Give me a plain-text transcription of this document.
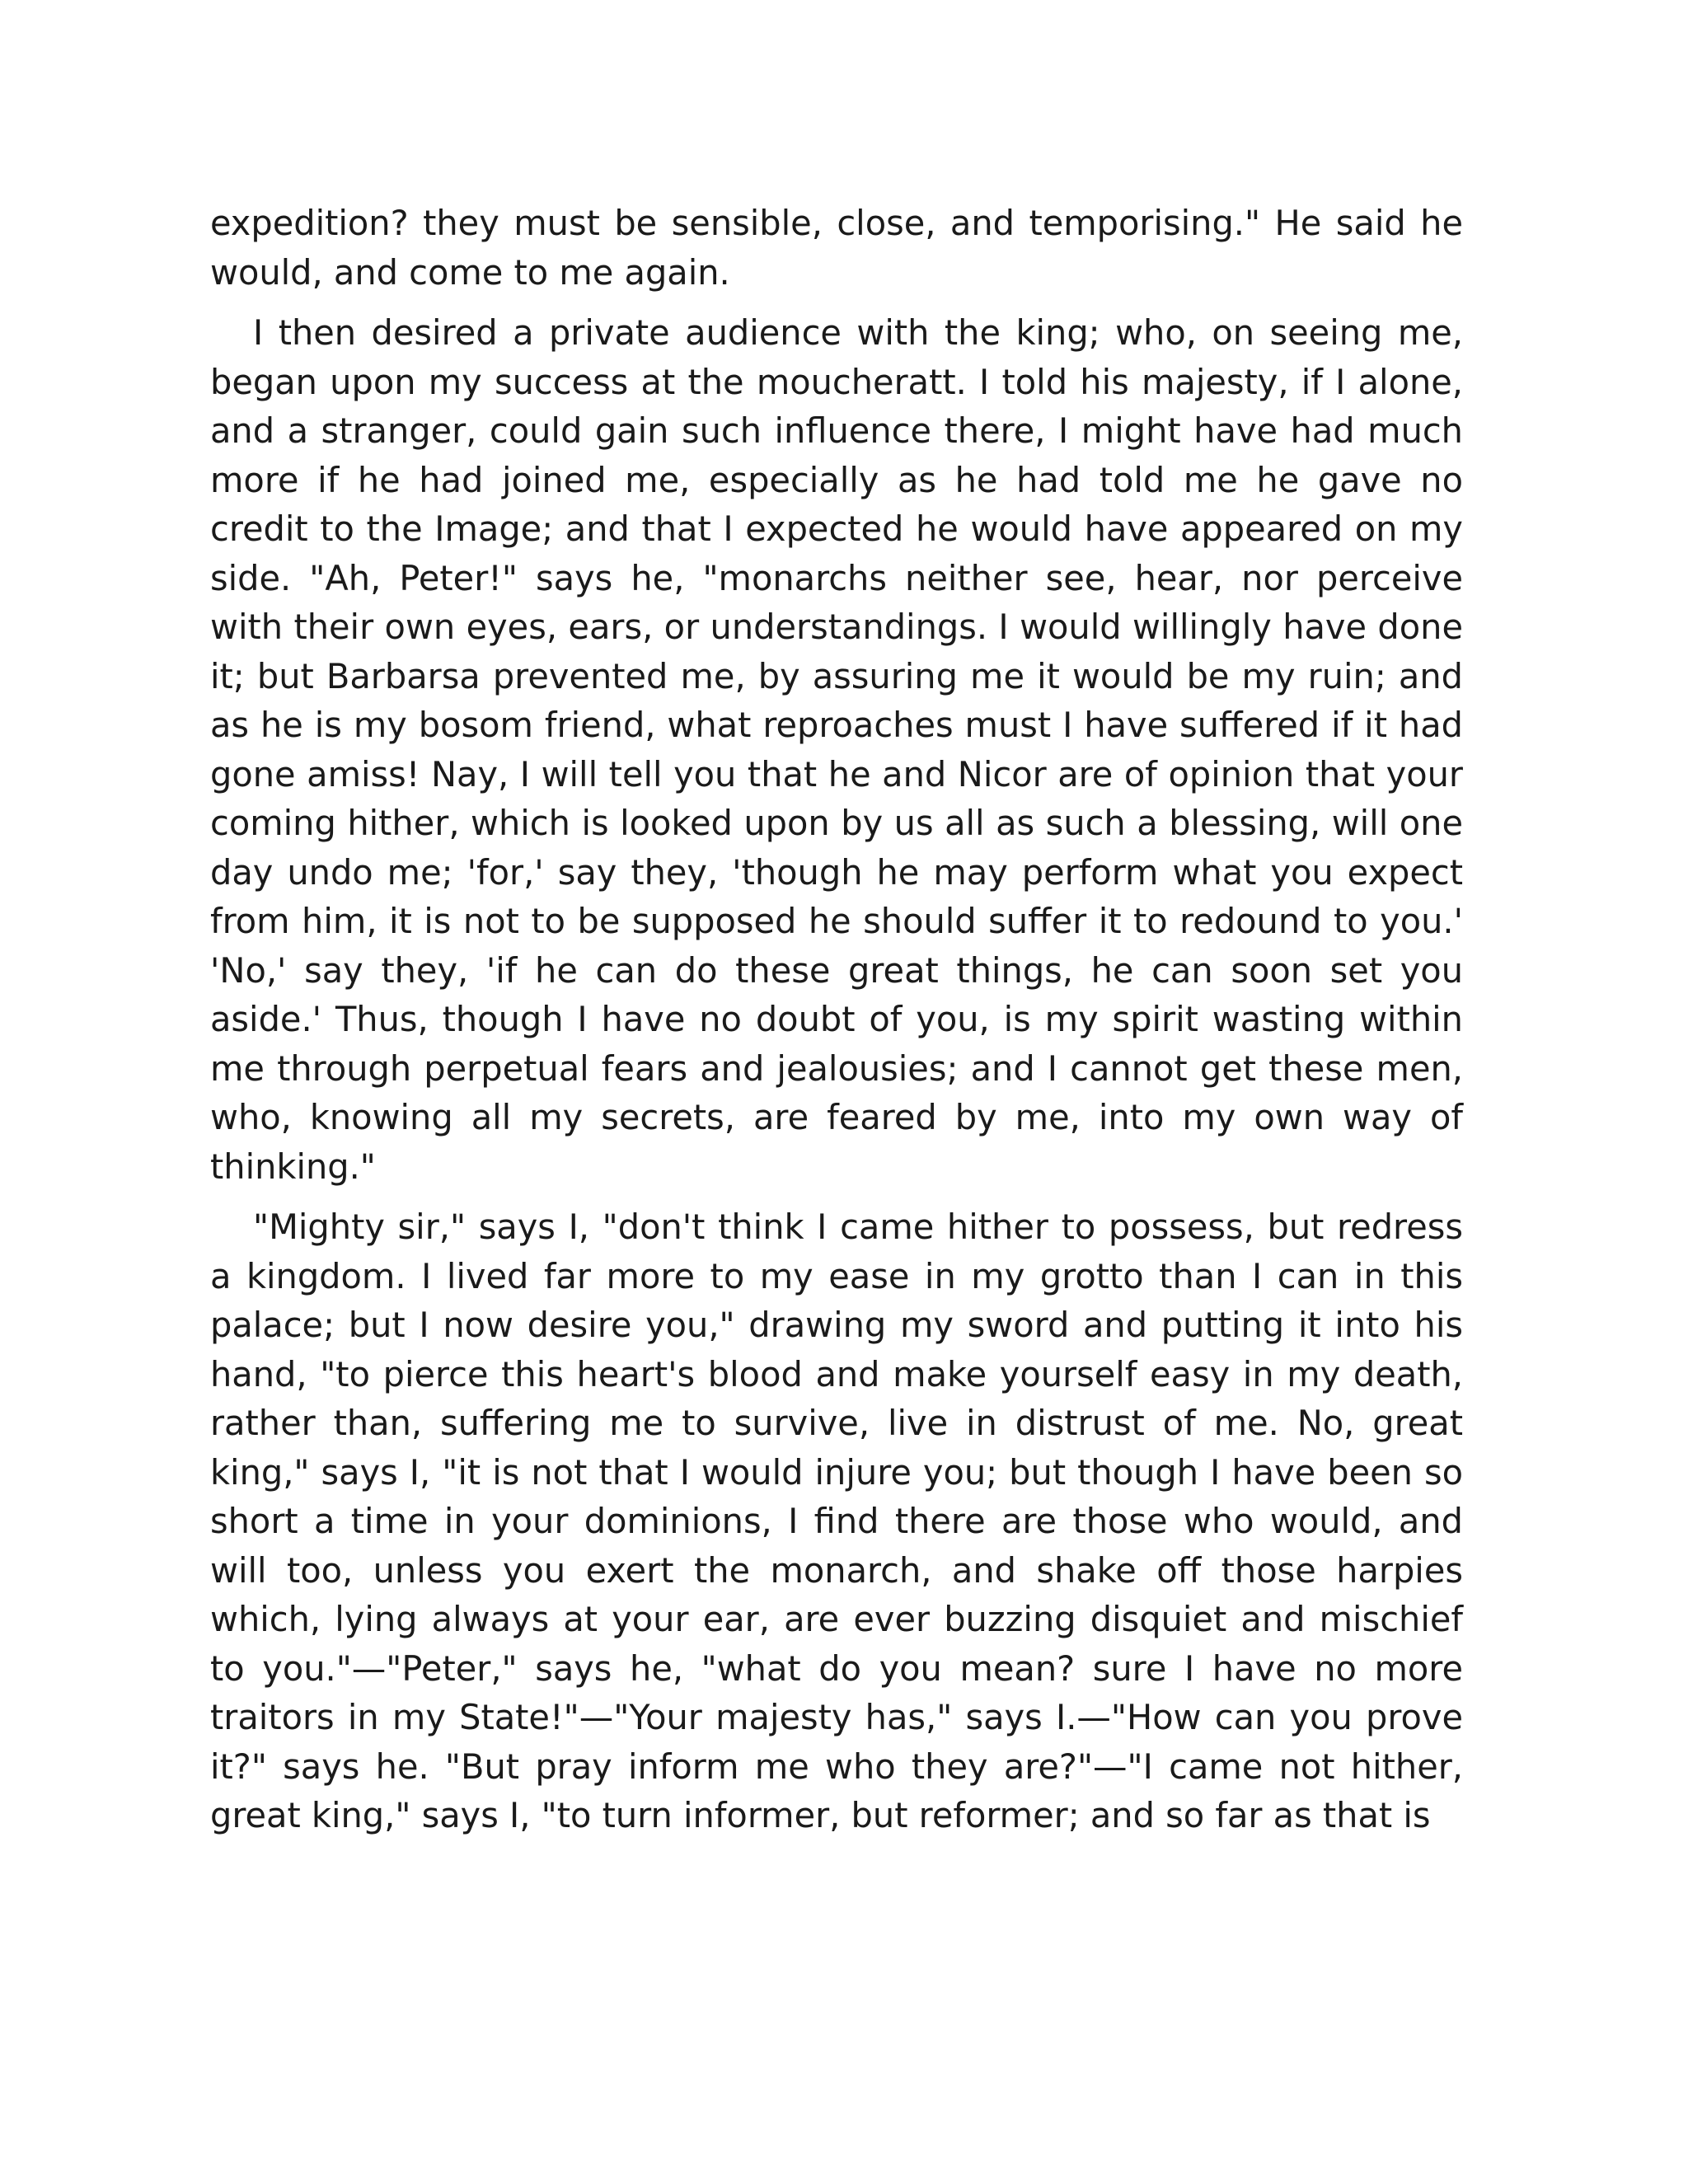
expedition? they must be sensible, close, and temporising." He said he would, and come to me again.

I then desired a private audience with the king; who, on seeing me, began upon my success at the moucheratt. I told his majesty, if I alone, and a stranger, could gain such influence there, I might have had much more if he had joined me, especially as he had told me he gave no credit to the Image; and that I expected he would have appeared on my side. "Ah, Peter!" says he, "monarchs neither see, hear, nor perceive with their own eyes, ears, or understandings. I would willingly have done it; but Barbarsa prevented me, by assuring me it would be my ruin; and as he is my bosom friend, what reproaches must I have suffered if it had gone amiss! Nay, I will tell you that he and Nicor are of opinion that your coming hither, which is looked upon by us all as such a blessing, will one day undo me; 'for,' say they, 'though he may perform what you expect from him, it is not to be supposed he should suffer it to redound to you.' 'No,' say they, 'if he can do these great things, he can soon set you aside.' Thus, though I have no doubt of you, is my spirit wasting within me through perpetual fears and jealousies; and I cannot get these men, who, knowing all my secrets, are feared by me, into my own way of thinking."

"Mighty sir," says I, "don't think I came hither to possess, but redress a kingdom. I lived far more to my ease in my grotto than I can in this palace; but I now desire you," drawing my sword and putting it into his hand, "to pierce this heart's blood and make yourself easy in my death, rather than, suffering me to survive, live in distrust of me. No, great king," says I, "it is not that I would injure you; but though I have been so short a time in your dominions, I find there are those who would, and will too, unless you exert the monarch, and shake off those harpies which, lying always at your ear, are ever buzzing disquiet and mischief to you."—"Peter," says he, "what do you mean? sure I have no more traitors in my State!"—"Your majesty has," says I.—"How can you prove it?" says he. "But pray inform me who they are?"—"I came not hither, great king," says I, "to turn informer, but reformer; and so far as that is
